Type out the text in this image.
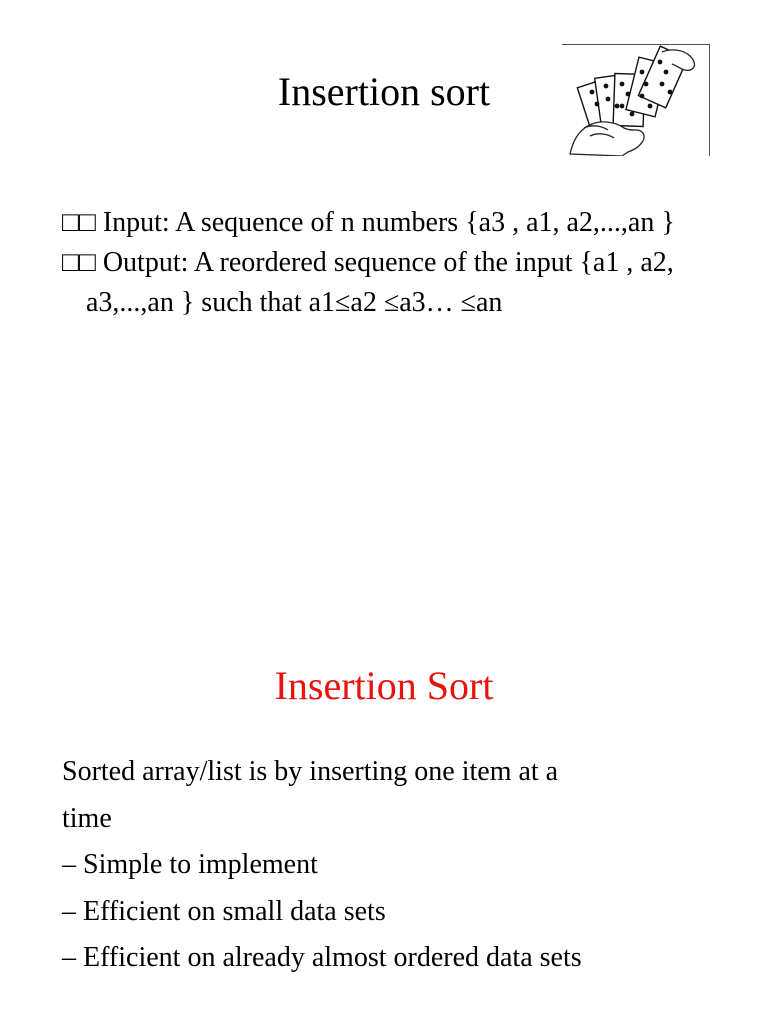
Insertion sort
□□ Input: A sequence of n numbers {a3 , a1, a2,...,an }
□□ Output: A reordered sequence of the input {a1 , a2, a3,...,an } such that a1≤a2 ≤a3… ≤an
Insertion Sort
Sorted array/list is by inserting one item at a
time
– Simple to implement
– Efficient on small data sets
– Efficient on already almost ordered data sets
